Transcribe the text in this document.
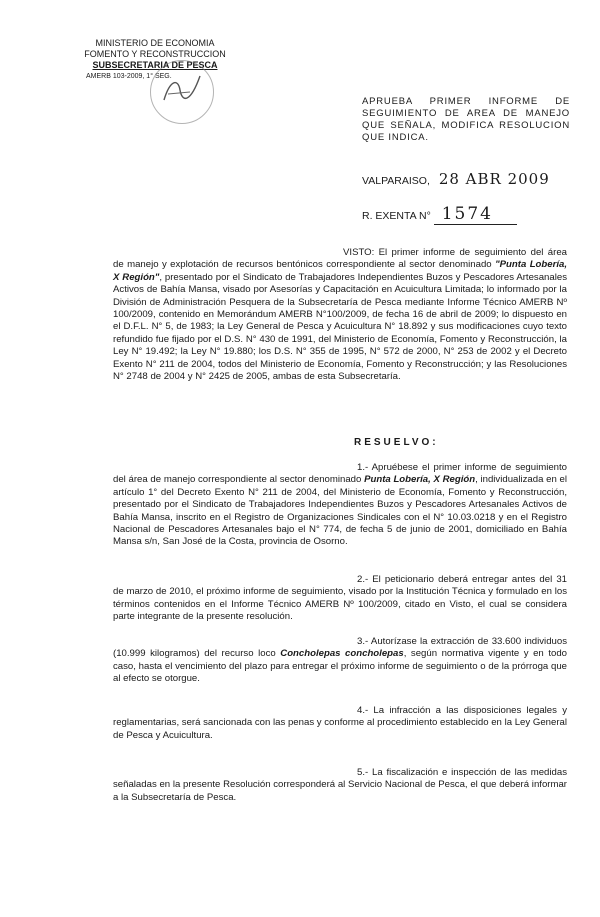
MINISTERIO DE ECONOMIA
FOMENTO Y RECONSTRUCCION
SUBSECRETARIA DE PESCA
AMERB 103-2009, 1° SEG.
APRUEBA PRIMER INFORME DE SEGUIMIENTO DE AREA DE MANEJO QUE SEÑALA, MODIFICA RESOLUCION QUE INDICA.
VALPARAISO, 28 ABR 2009
R. EXENTA N° 1574
VISTO: El primer informe de seguimiento del área de manejo y explotación de recursos bentónicos correspondiente al sector denominado "Punta Lobería, X Región", presentado por el Sindicato de Trabajadores Independientes Buzos y Pescadores Artesanales Activos de Bahía Mansa, visado por Asesorías y Capacitación en Acuicultura Limitada; lo informado por la División de Administración Pesquera de la Subsecretaría de Pesca mediante Informe Técnico AMERB Nº 100/2009, contenido en Memorándum AMERB N°100/2009, de fecha 16 de abril de 2009; lo dispuesto en el D.F.L. N° 5, de 1983; la Ley General de Pesca y Acuicultura N° 18.892 y sus modificaciones cuyo texto refundido fue fijado por el D.S. N° 430 de 1991, del Ministerio de Economía, Fomento y Reconstrucción, la Ley N° 19.492; la Ley N° 19.880; los D.S. N° 355 de 1995, N° 572 de 2000, N° 253 de 2002 y el Decreto Exento N° 211 de 2004, todos del Ministerio de Economía, Fomento y Reconstrucción; y las Resoluciones N° 2748 de 2004 y N° 2425 de 2005, ambas de esta Subsecretaría.
RESUELVO:
1.- Apruébese el primer informe de seguimiento del área de manejo correspondiente al sector denominado Punta Lobería, X Región, individualizada en el artículo 1° del Decreto Exento N° 211 de 2004, del Ministerio de Economía, Fomento y Reconstrucción, presentado por el Sindicato de Trabajadores Independientes Buzos y Pescadores Artesanales Activos de Bahía Mansa, inscrito en el Registro de Organizaciones Sindicales con el N° 10.03.0218 y en el Registro Nacional de Pescadores Artesanales bajo el N° 774, de fecha 5 de junio de 2001, domiciliado en Bahía Mansa s/n, San José de la Costa, provincia de Osorno.
2.- El peticionario deberá entregar antes del 31 de marzo de 2010, el próximo informe de seguimiento, visado por la Institución Técnica y formulado en los términos contenidos en el Informe Técnico AMERB Nº 100/2009, citado en Visto, el cual se considera parte integrante de la presente resolución.
3.- Autorízase la extracción de 33.600 individuos (10.999 kilogramos) del recurso loco Concholepas concholepas, según normativa vigente y en todo caso, hasta el vencimiento del plazo para entregar el próximo informe de seguimiento o de la prórroga que al efecto se otorgue.
4.- La infracción a las disposiciones legales y reglamentarias, será sancionada con las penas y conforme al procedimiento establecido en la Ley General de Pesca y Acuicultura.
5.- La fiscalización e inspección de las medidas señaladas en la presente Resolución corresponderá al Servicio Nacional de Pesca, el que deberá informar a la Subsecretaría de Pesca.
